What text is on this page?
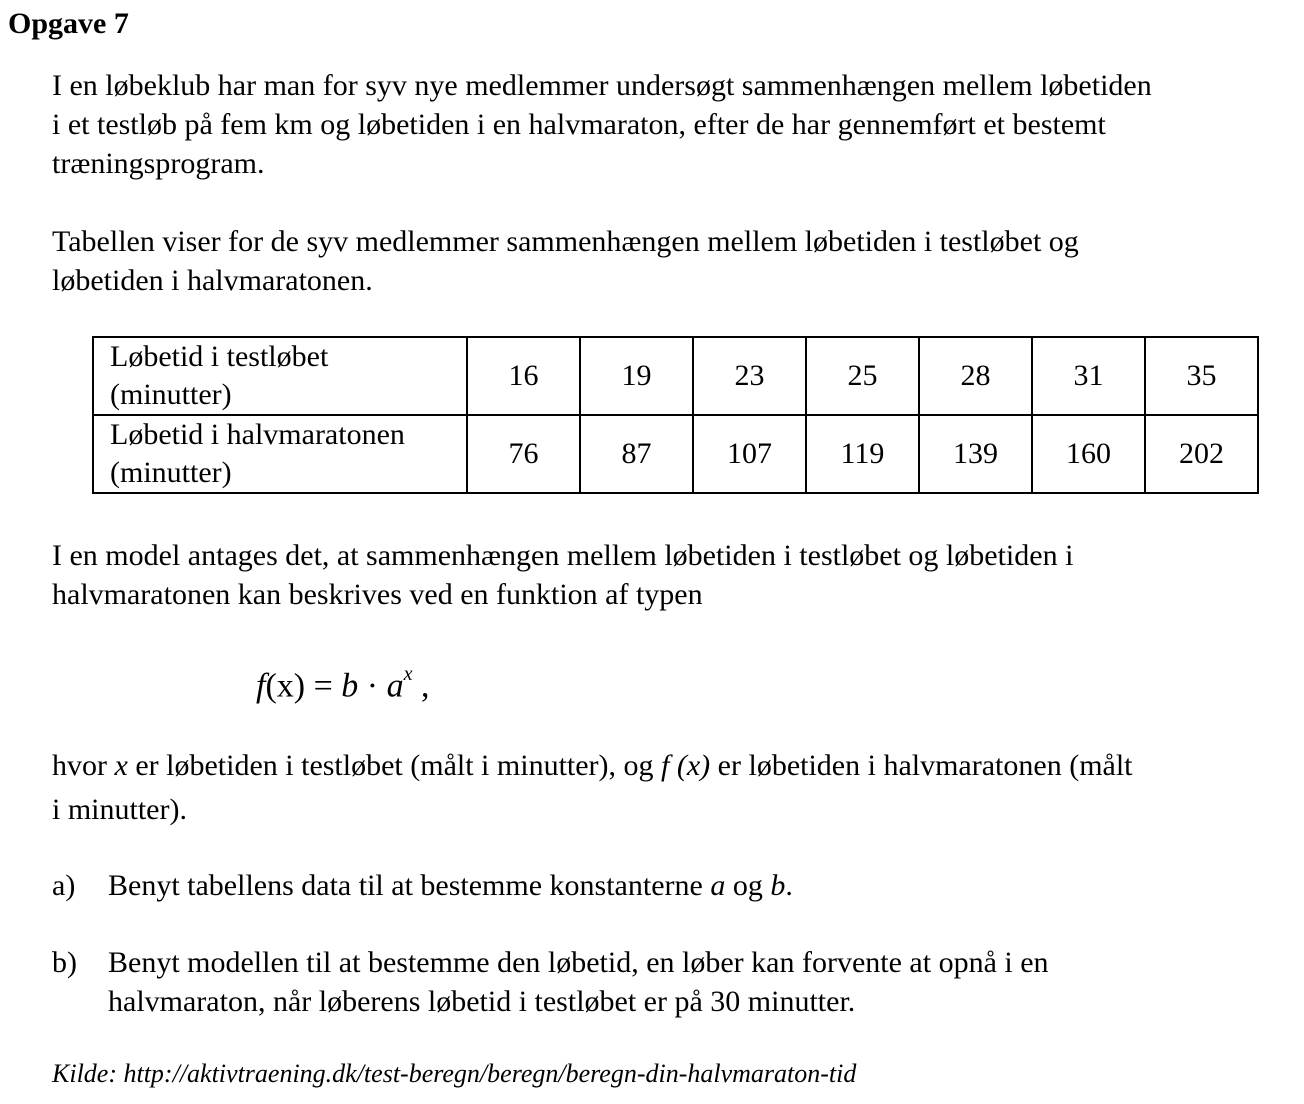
Opgave 7

I en løbeklub har man for syv nye medlemmer undersøgt sammenhængen mellem løbetiden
i et testløb på fem km og løbetiden i en halvmaraton, efter de har gennemført et bestemt
træningsprogram.

Tabellen viser for de syv medlemmer sammenhængen mellem løbetiden i testløbet og
løbetiden i halvmaratonen.

Løbetid i testløbet
(minutter)	16	19	23	25	28	31	35
Løbetid i halvmaratonen
(minutter)	76	87	107	119	139	160	202

I en model antages det, at sammenhængen mellem løbetiden i testløbet og løbetiden i
halvmaratonen kan beskrives ved en funktion af typen

$f(x) = b \cdot a^x$ ,

hvor x er løbetiden i testløbet (målt i minutter), og f (x) er løbetiden i halvmaratonen (målt
i minutter).

a) Benyt tabellens data til at bestemme konstanterne a og b.
b) Benyt modellen til at bestemme den løbetid, en løber kan forvente at opnå i en
halvmaraton, når løberens løbetid i testløbet er på 30 minutter.
Kilde: http://aktivtraening.dk/test-beregn/beregn/beregn-din-halvmaraton-tid
